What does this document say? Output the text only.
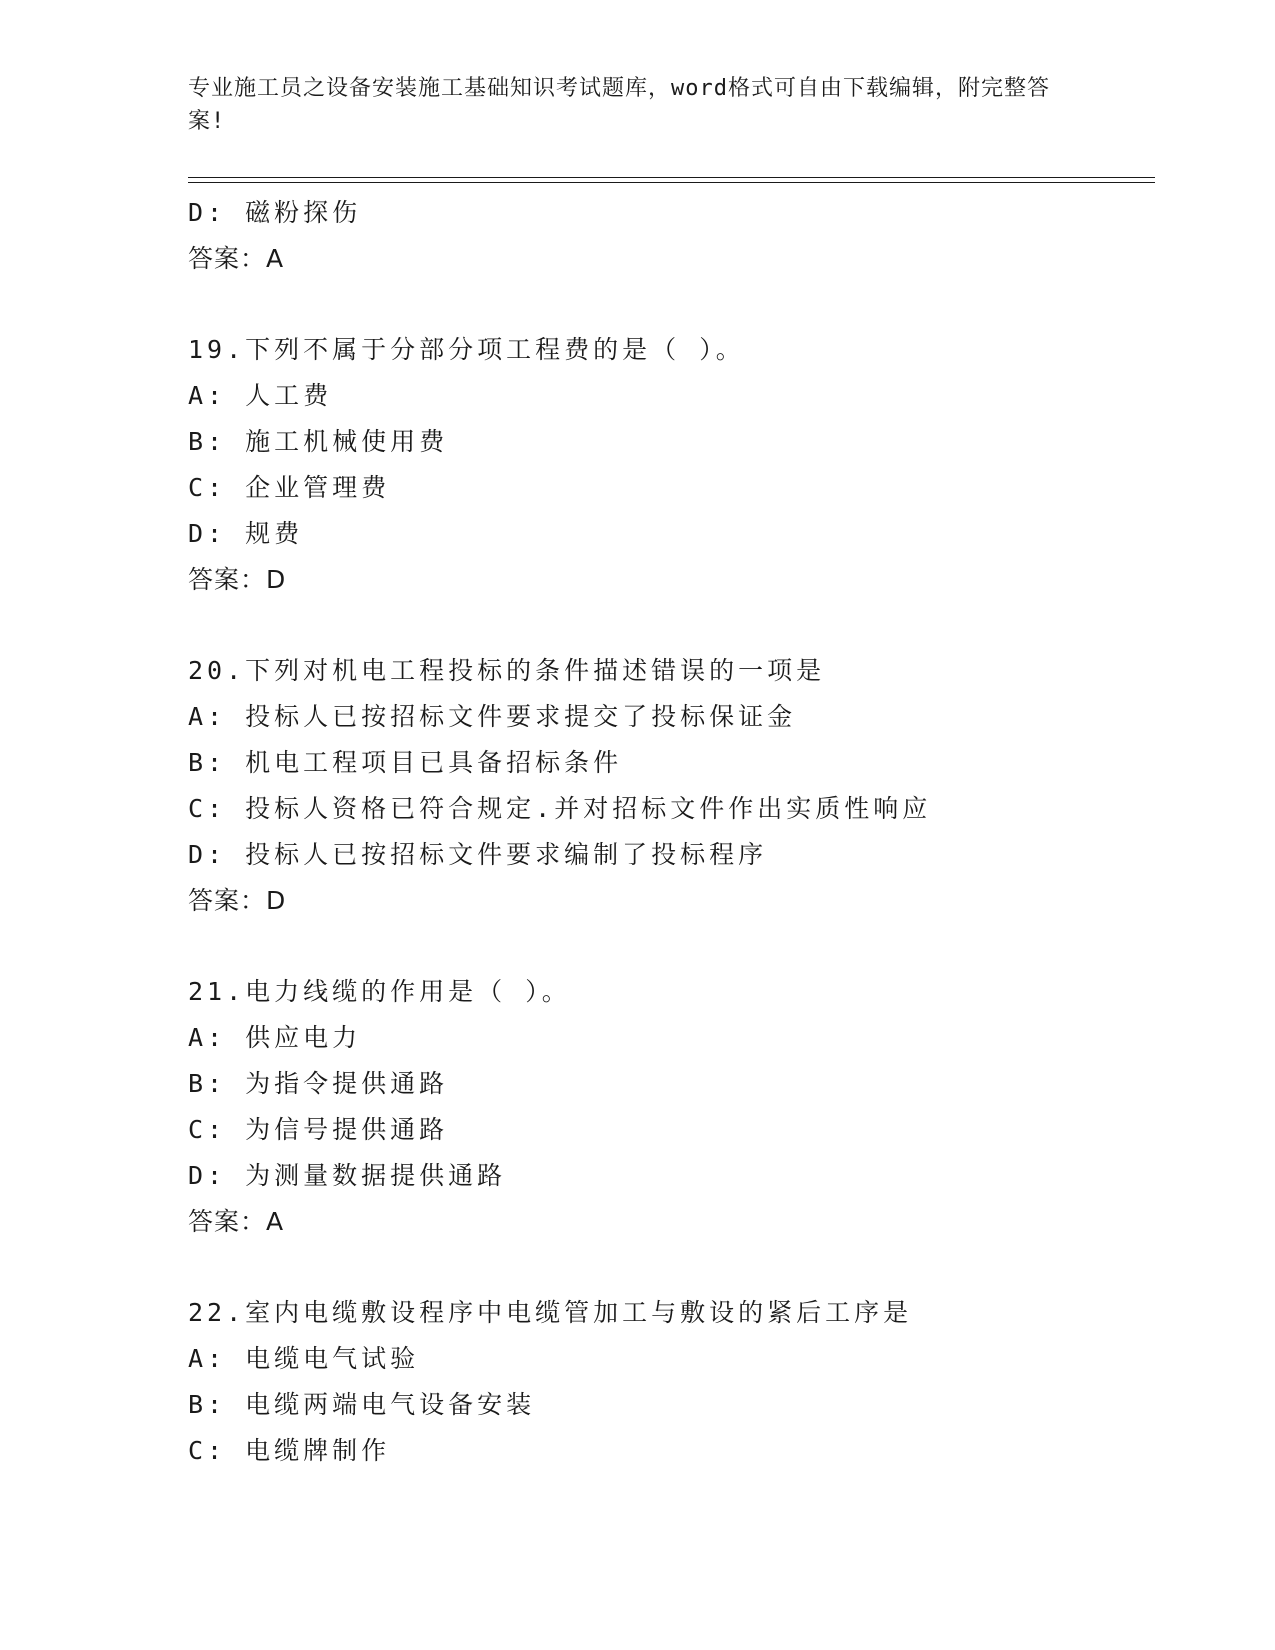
专业施工员之设备安装施工基础知识考试题库，word格式可自由下载编辑，附完整答案!
D: 磁粉探伤
答案：A
19.下列不属于分部分项工程费的是（ ）。
A: 人工费
B: 施工机械使用费
C: 企业管理费
D: 规费
答案：D
20.下列对机电工程投标的条件描述错误的一项是
A: 投标人已按招标文件要求提交了投标保证金
B: 机电工程项目已具备招标条件
C: 投标人资格已符合规定.并对招标文件作出实质性响应
D: 投标人已按招标文件要求编制了投标程序
答案：D
21.电力线缆的作用是（ ）。
A: 供应电力
B: 为指令提供通路
C: 为信号提供通路
D: 为测量数据提供通路
答案：A
22.室内电缆敷设程序中电缆管加工与敷设的紧后工序是
A: 电缆电气试验
B: 电缆两端电气设备安装
C: 电缆牌制作
